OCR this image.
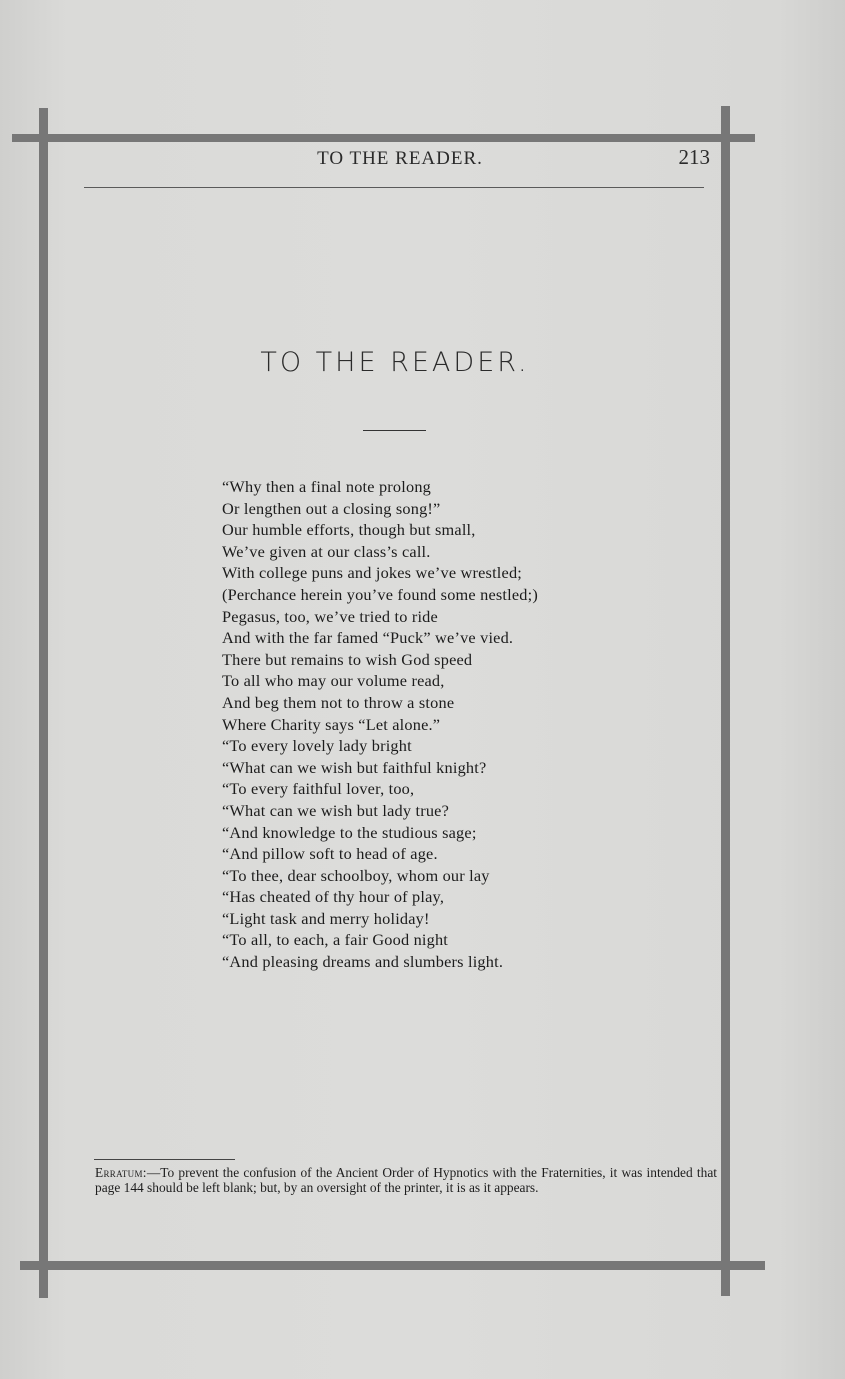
TO THE READER.	213
TO THE READER.
“Why then a final note prolong
Or lengthen out a closing song!”
Our humble efforts, though but small,
We’ve given at our class’s call.
With college puns and jokes we’ve wrestled;
(Perchance herein you’ve found some nestled;)
Pegasus, too, we’ve tried to ride
And with the far famed “Puck” we’ve vied.
There but remains to wish God speed
To all who may our volume read,
And beg them not to throw a stone
Where Charity says “Let alone.”
“To every lovely lady bright
“What can we wish but faithful knight?
“To every faithful lover, too,
“What can we wish but lady true?
“And knowledge to the studious sage;
“And pillow soft to head of age.
“To thee, dear schoolboy, whom our lay
“Has cheated of thy hour of play,
“Light task and merry holiday!
“To all, to each, a fair Good night
“And pleasing dreams and slumbers light.
Erratum:—To prevent the confusion of the Ancient Order of Hypnotics with the Fraternities, it was intended that page 144 should be left blank; but, by an oversight of the printer, it is as it appears.
